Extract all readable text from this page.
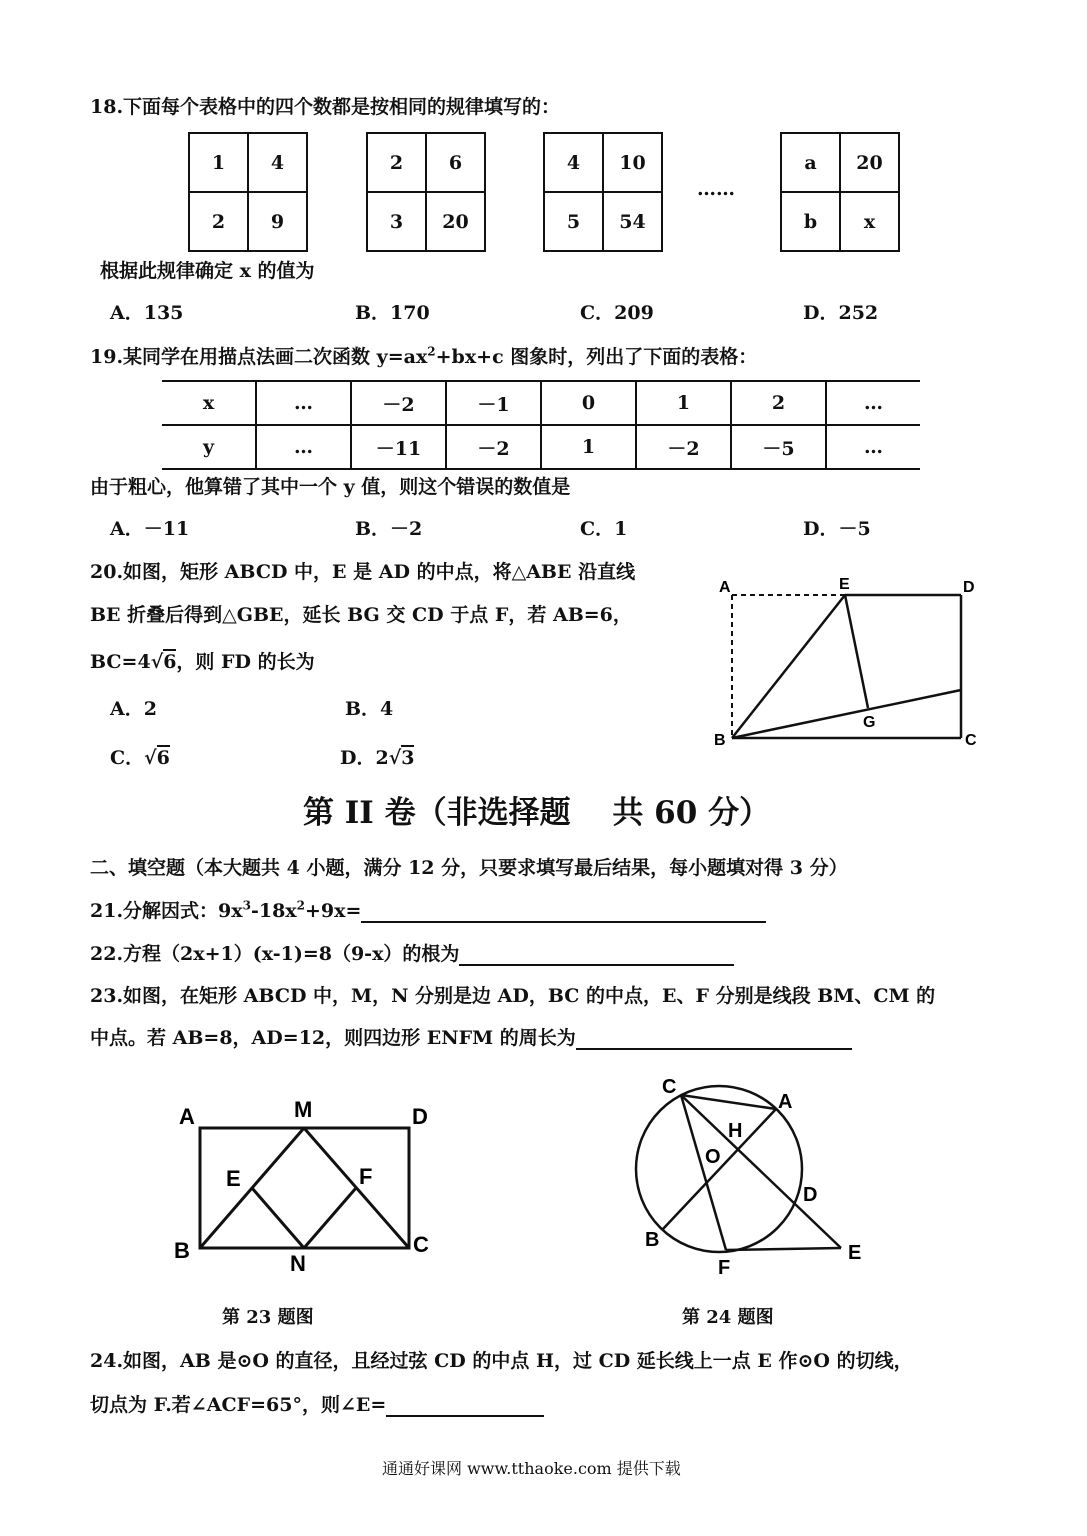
18.下面每个表格中的四个数都是按相同的规律填写的：
1	4
2	9
2	6
3	20
4	10
5	54
……
a	20
b	x
根据此规律确定 x 的值为
A．135	B．170	C．209	D．252
19.某同学在用描点法画二次函数 $y=ax^2+bx+c$ 图象时，列出了下面的表格：
x	…	－2	－1	0	1	2	…
y	…	－11	－2	1	－2	－5	…
由于粗心，他算错了其中一个 y 值，则这个错误的数值是
A．－11	B．－2	C．1	D．－5
20.如图，矩形 ABCD 中，E 是 AD 的中点，将△ABE 沿直线
BE 折叠后得到△GBE，延长 BG 交 CD 于点 F，若 AB=6，
BC=4√6，则 FD 的长为
A．2	B．4
C．√6	D．2√3
A	E	D
B
G
C
第 II 卷（非选择题　 共 60 分）
二、填空题（本大题共 4 小题，满分 12 分，只要求填写最后结果，每小题填对得 3 分）
21.分解因式：$9x^3-18x^2+9x=$
22.方程（2x+1）(x-1)=8（9-x）的根为
23.如图，在矩形 ABCD 中，M，N 分别是边 AD，BC 的中点，E、F 分别是线段 BM、CM 的
中点。若 AB=8，AD=12，则四边形 ENFM 的周长为
A	M	D
E	F
B
N
C
第 23 题图
C
A
H
O
D
B
F
E
第 24 题图
24.如图，AB 是⊙O 的直径，且经过弦 CD 的中点 H，过 CD 延长线上一点 E 作⊙O 的切线，
切点为 F.若∠ACF=65°，则∠E=
通通好课网 www.tthaoke.com 提供下载
